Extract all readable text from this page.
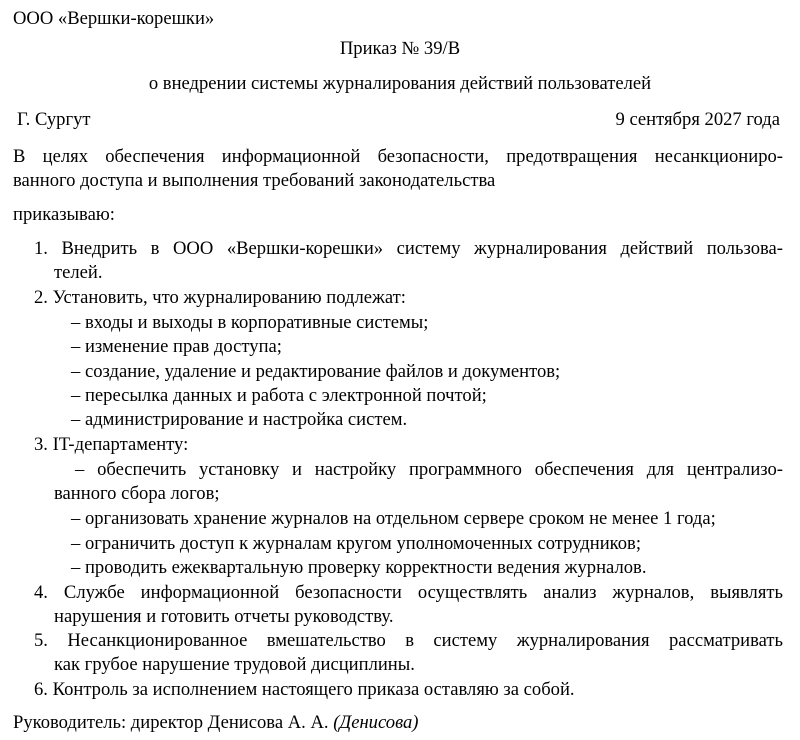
ООО «Вершки-корешки»
Приказ № 39/В
о внедрении системы журналирования действий пользователей
Г. Сургут	9 сентября 2027 года
В целях обеспечения информационной безопасности, предотвращения несанкциониро-
ванного доступа и выполнения требований законодательства
приказываю:
1. Внедрить в ООО «Вершки-корешки» систему журналирования действий пользова-
телей.
2. Установить, что журналированию подлежат:
– входы и выходы в корпоративные системы;
– изменение прав доступа;
– создание, удаление и редактирование файлов и документов;
– пересылка данных и работа с электронной почтой;
– администрирование и настройка систем.
3. IT-департаменту:
– обеспечить установку и настройку программного обеспечения для централизо-
ванного сбора логов;
– организовать хранение журналов на отдельном сервере сроком не менее 1 года;
– ограничить доступ к журналам кругом уполномоченных сотрудников;
– проводить ежеквартальную проверку корректности ведения журналов.
4. Службе информационной безопасности осуществлять анализ журналов, выявлять
нарушения и готовить отчеты руководству.
5. Несанкционированное вмешательство в систему журналирования рассматривать
как грубое нарушение трудовой дисциплины.
6. Контроль за исполнением настоящего приказа оставляю за собой.
Руководитель: директор Денисова А. А. (Денисова)
